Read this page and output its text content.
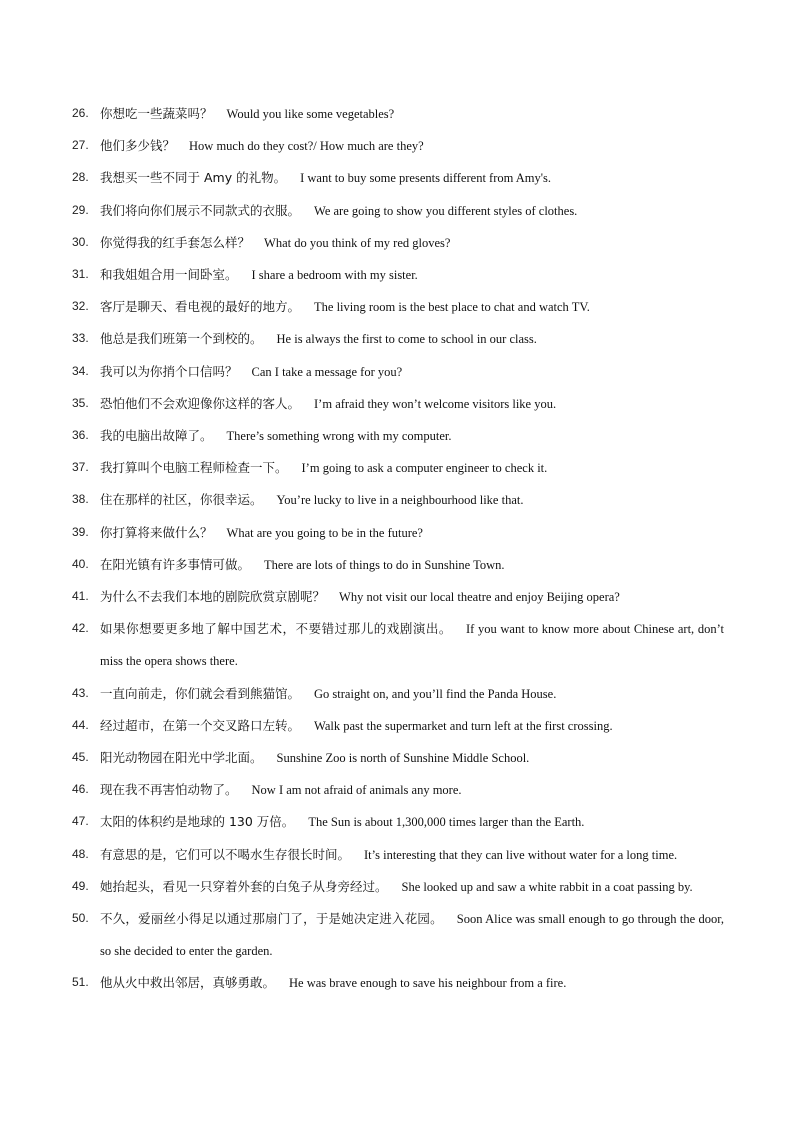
26. 你想吃一些蔬菜吗？ Would you like some vegetables?
27. 他们多少钱？ How much do they cost?/ How much are they?
28. 我想买一些不同于 Amy 的礼物。 I want to buy some presents different from Amy's.
29. 我们将向你们展示不同款式的衣服。 We are going to show you different styles of clothes.
30. 你觉得我的红手套怎么样？ What do you think of my red gloves?
31. 和我姐姐合用一间卧室。 I share a bedroom with my sister.
32. 客厅是聊天、看电视的最好的地方。 The living room is the best place to chat and watch TV.
33. 他总是我们班第一个到校的。 He is always the first to come to school in our class.
34. 我可以为你捎个口信吗？ Can I take a message for you?
35. 恐怕他们不会欢迎像你这样的客人。 I’m afraid they won’t welcome visitors like you.
36. 我的电脑出故障了。 There’s something wrong with my computer.
37. 我打算叫个电脑工程师检查一下。 I’m going to ask a computer engineer to check it.
38. 住在那样的社区，你很幸运。 You’re lucky to live in a neighbourhood like that.
39. 你打算将来做什么？ What are you going to be in the future?
40. 在阳光镇有许多事情可做。 There are lots of things to do in Sunshine Town.
41. 为什么不去我们本地的剧院欣赏京剧呢？ Why not visit our local theatre and enjoy Beijing opera?
42. 如果你想要更多地了解中国艺术，不要错过那儿的戏剧演出。 If you want to know more about Chinese art, don’t miss the opera shows there.
43. 一直向前走，你们就会看到熊猫馆。 Go straight on, and you’ll find the Panda House.
44. 经过超市，在第一个交叉路口左转。 Walk past the supermarket and turn left at the first crossing.
45. 阳光动物园在阳光中学北面。 Sunshine Zoo is north of Sunshine Middle School.
46. 现在我不再害怕动物了。 Now I am not afraid of animals any more.
47. 太阳的体积约是地球的 130 万倍。 The Sun is about 1,300,000 times larger than the Earth.
48. 有意思的是，它们可以不喝水生存很长时间。 It’s interesting that they can live without water for a long time.
49. 她抬起头，看见一只穿着外套的白兔子从身旁经过。 She looked up and saw a white rabbit in a coat passing by.
50. 不久，爱丽丝小得足以通过那扇门了，于是她决定进入花园。 Soon Alice was small enough to go through the door, so she decided to enter the garden.
51. 他从火中救出邻居，真够勇敢。 He was brave enough to save his neighbour from a fire.
